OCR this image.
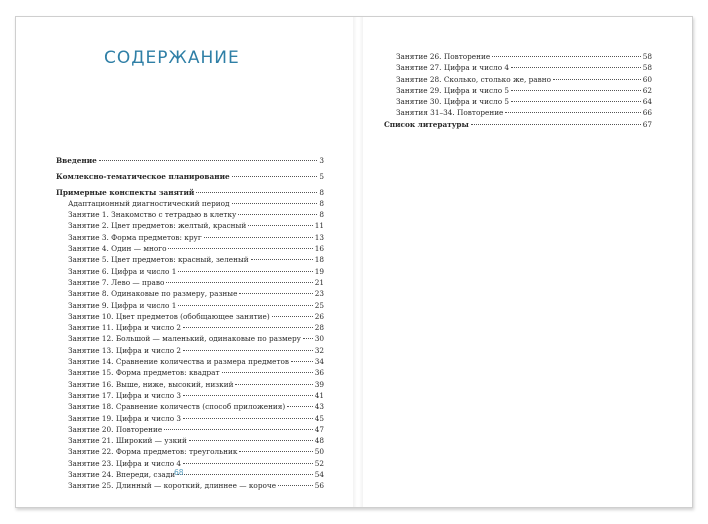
СОДЕРЖАНИЕ
Введение	3
Комлексно-тематическое планирование	5
Примерные конспекты занятий	8
Адаптационный диагностический период	8
Занятие 1. Знакомство с тетрадью в клетку	8
Занятие 2. Цвет предметов: желтый, красный	11
Занятие 3. Форма предметов: круг	13
Занятие 4. Один — много	16
Занятие 5. Цвет предметов: красный, зеленый	18
Занятие 6. Цифра и число 1	19
Занятие 7. Лево — право	21
Занятие 8. Одинаковые по размеру, разные	23
Занятие 9. Цифра и число 1	25
Занятие 10. Цвет предметов (обобщающее занятие)	26
Занятие 11. Цифра и число 2	28
Занятие 12. Большой — маленький, одинаковые по размеру 30
Занятие 13. Цифра и число 2	32
Занятие 14. Сравнение количества и размера предметов	34
Занятие 15. Форма предметов: квадрат	36
Занятие 16. Выше, ниже, высокий, низкий	39
Занятие 17. Цифра и число 3	41
Занятие 18. Сравнение количеств (способ приложения)	43
Занятие 19. Цифра и число 3	45
Занятие 20. Повторение	47
Занятие 21. Широкий — узкий	48
Занятие 22. Форма предметов: треугольник	50
Занятие 23. Цифра и число 4	52
Занятие 24. Впереди, сзади	54
Занятие 25. Длинный — короткий, длиннее — короче	56
Занятие 26. Повторение	58
Занятие 27. Цифра и число 4	58
Занятие 28. Сколько, столько же, равно	60
Занятие 29. Цифра и число 5	62
Занятие 30. Цифра и число 5	64
Занятия 31–34. Повторение	66
Список литературы	67
68
